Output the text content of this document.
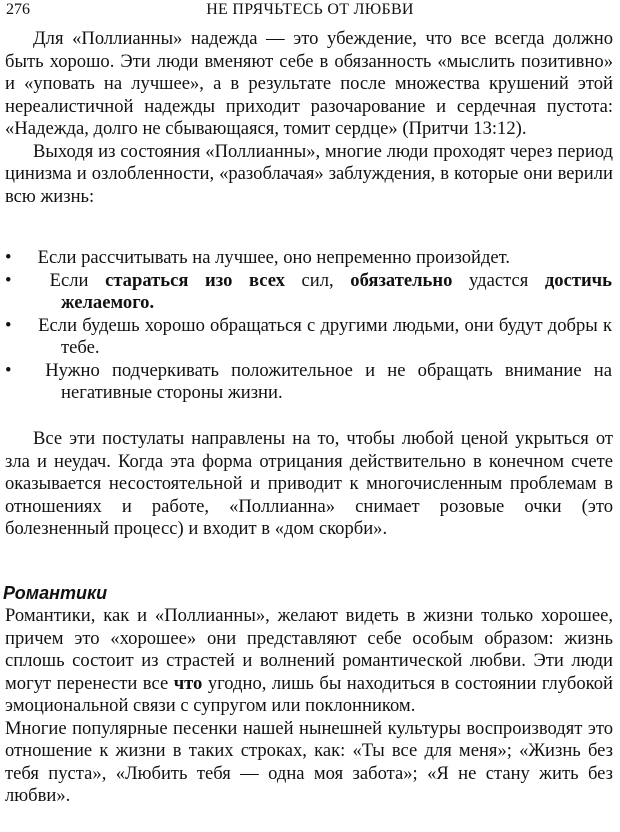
276	НЕ ПРЯЧЬТЕСЬ ОТ ЛЮБВИ

Для «Поллианны» надежда — это убеждение, что все всегда должно быть хорошо. Эти люди вменяют себе в обязанность «мыслить позитивно» и «уповать на лучшее», а в результате после множества крушений этой нереалистичной надежды приходит разочарование и сердечная пустота: «Надежда, долго не сбывающаяся, томит сердце» (Притчи 13:12).

Выходя из состояния «Поллианны», многие люди проходят через период цинизма и озлобленности, «разоблачая» заблуждения, в которые они верили всю жизнь:

• Если рассчитывать на лучшее, оно непременно произойдет.

• Если стараться изо всех сил, обязательно удастся достичь желаемого.

• Если будешь хорошо обращаться с другими людьми, они будут добры к тебе.

• Нужно подчеркивать положительное и не обращать внимание на негативные стороны жизни.

Все эти постулаты направлены на то, чтобы любой ценой укрыться от зла и неудач. Когда эта форма отрицания действительно в конечном счете оказывается несостоятельной и приводит к многочисленным проблемам в отношениях и работе, «Поллианна» снимает розовые очки (это болезненный процесс) и входит в «дом скорби».

Романтики

Романтики, как и «Поллианны», желают видеть в жизни только хорошее, причем это «хорошее» они представляют себе особым образом: жизнь сплошь состоит из страстей и волнений романтической любви. Эти люди могут перенести все что угодно, лишь бы находиться в состоянии глубокой эмоциональной связи с супругом или поклонником.

Многие популярные песенки нашей нынешней культуры воспроизводят это отношение к жизни в таких строках, как: «Ты все для меня»; «Жизнь без тебя пуста», «Любить тебя — одна моя забота»; «Я не стану жить без любви».
